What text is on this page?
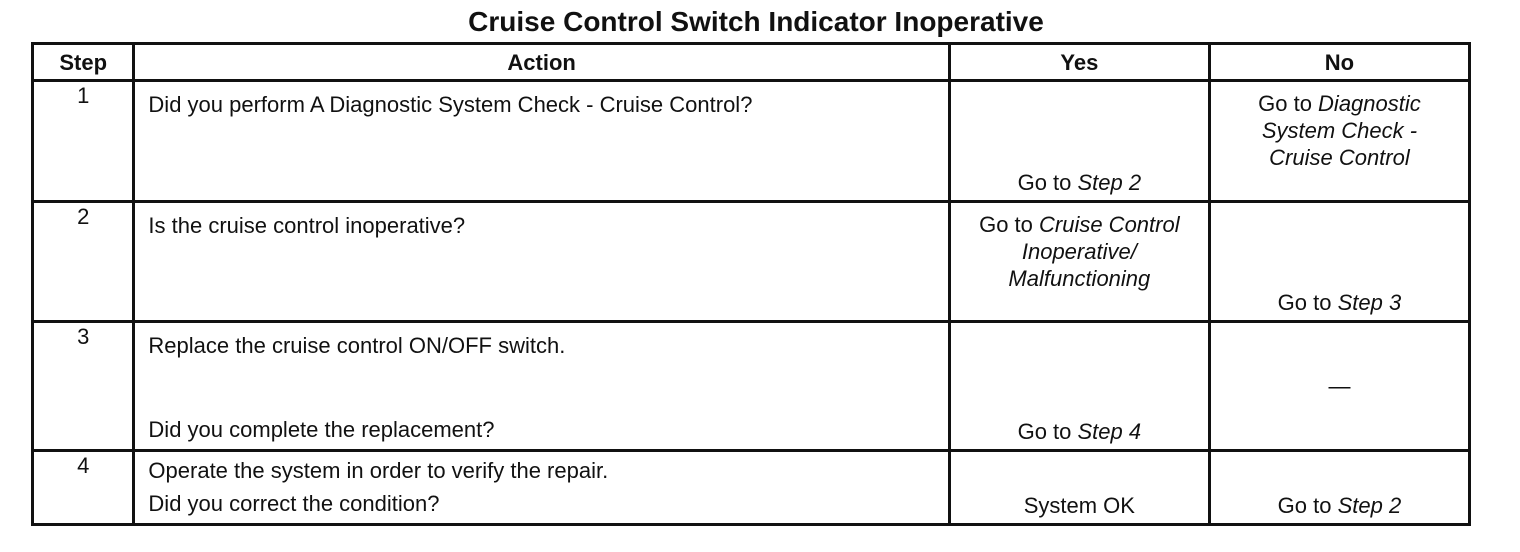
Cruise Control Switch Indicator Inoperative
Step	Action	Yes	No
1	Did you perform A Diagnostic System Check - Cruise Control?	Go to Step 2	Go to Diagnostic
System Check -
Cruise Control

2	Is the cruise control inoperative?	Go to Cruise Control
Inoperative/
Malfunctioning	Go to Step 3

3	Replace the cruise control ON/OFF switch.
Did you complete the replacement?	Go to Step 4	—

4	Operate the system in order to verify the repair.
Did you correct the condition?	System OK	Go to Step 2
